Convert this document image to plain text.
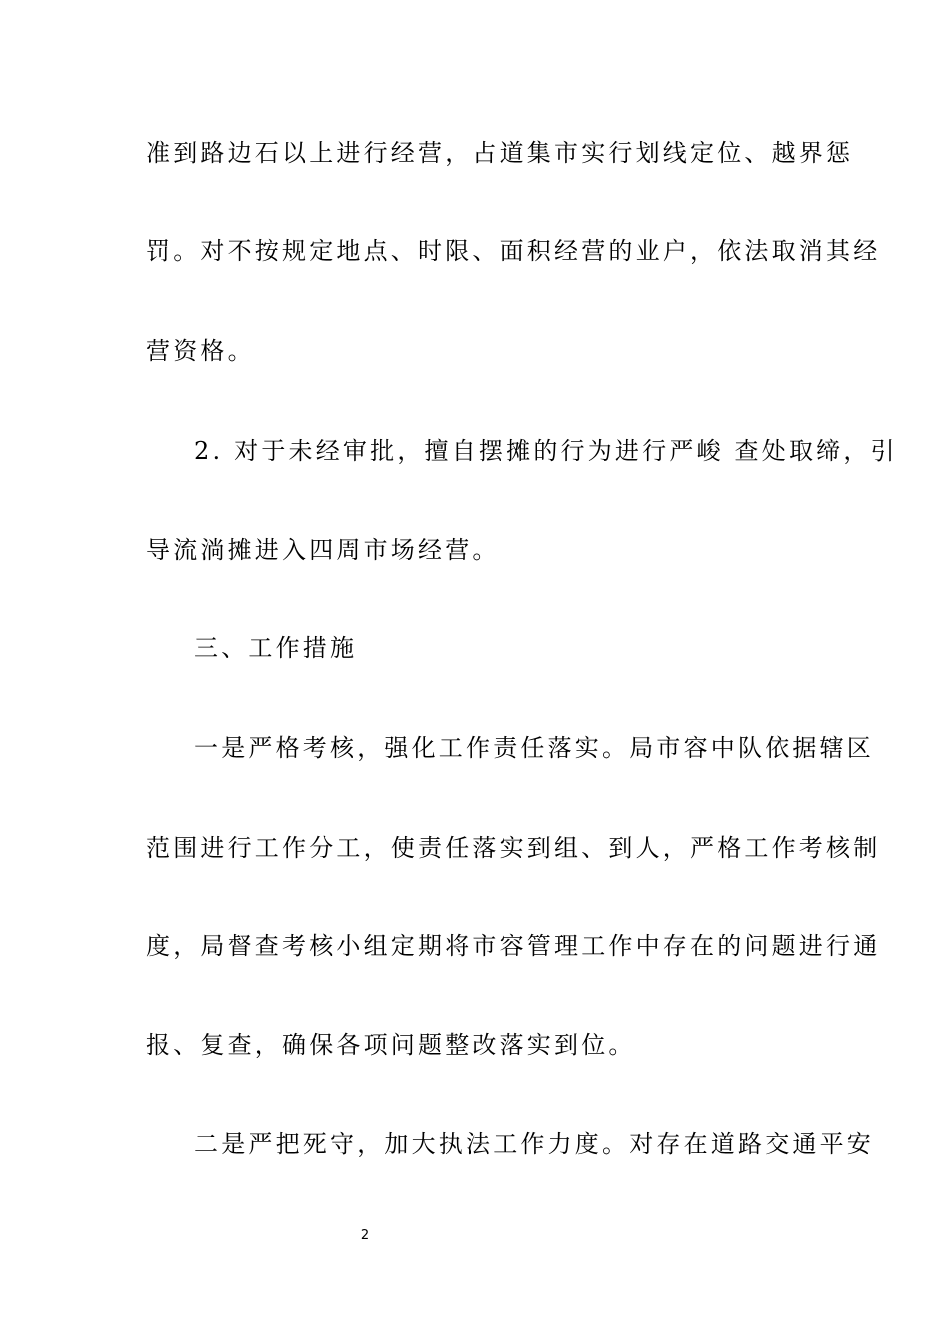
准到路边石以上进行经营，占道集市实行划线定位、越界惩
罚。对不按规定地点、时限、面积经营的业户，依法取消其经
营资格。
2. 对于未经审批，擅自摆摊的行为进行严峻 查处取缔，引
导流淌摊进入四周市场经营。
三、工作措施
一是严格考核，强化工作责任落实。局市容中队依据辖区
范围进行工作分工，使责任落实到组、到人，严格工作考核制
度，局督查考核小组定期将市容管理工作中存在的问题进行通
报、复查，确保各项问题整改落实到位。
二是严把死守，加大执法工作力度。对存在道路交通平安
2
